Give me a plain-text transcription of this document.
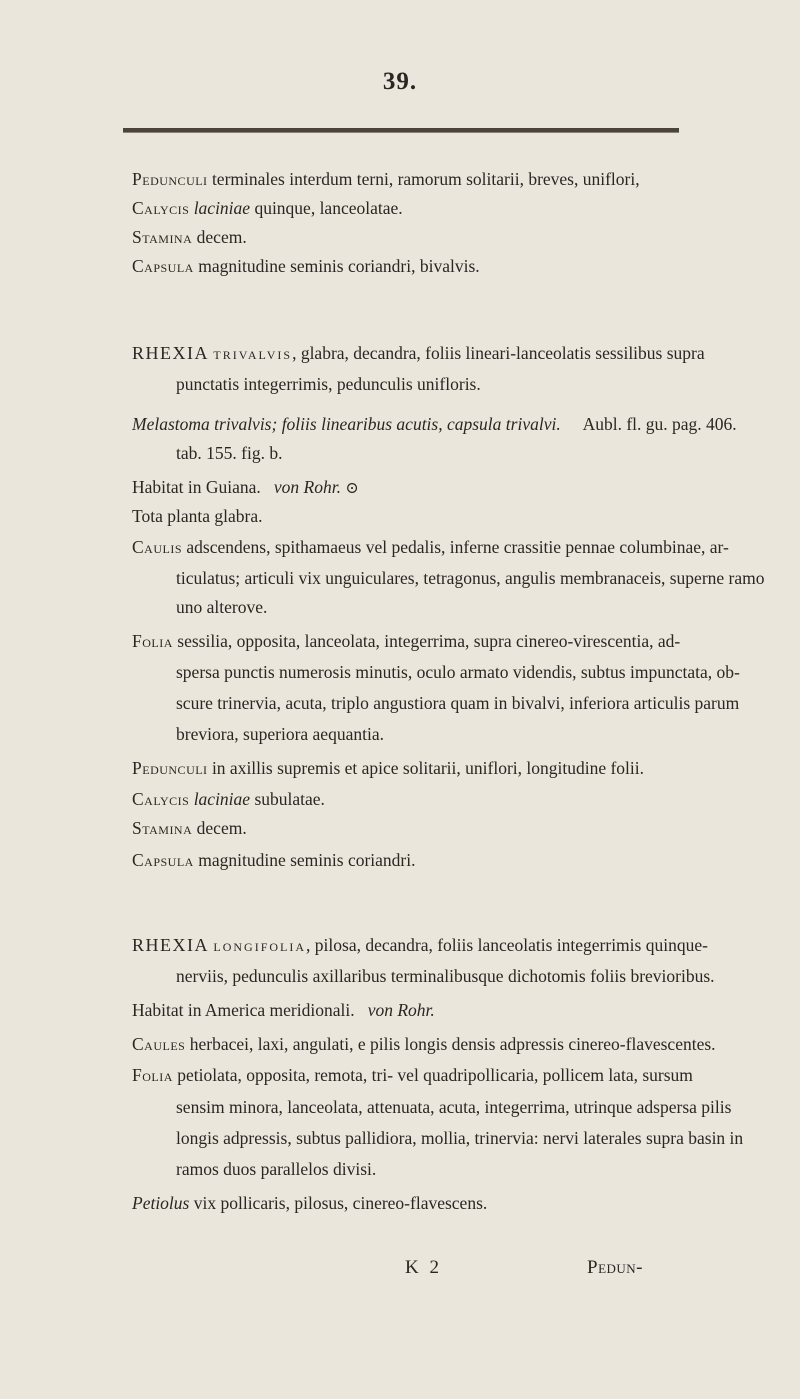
39.
Pedunculi terminales interdum terni, ramorum solitarii, breves, uniflori,
Calycis laciniae quinque, lanceolatae.
Stamina decem.
Capsula magnitudine seminis coriandri, bivalvis.
RHEXIA trivalvis, glabra, decandra, foliis lineari-lanceolatis sessilibus supra
punctatis integerrimis, pedunculis unifloris.
Melastoma trivalvis; foliis linearibus acutis, capsula trivalvi. Aubl. fl. gu. pag. 406.
tab. 155. fig. b.
Habitat in Guiana. von Rohr. ⊙
Tota planta glabra.
Caulis adscendens, spithamaeus vel pedalis, inferne crassitie pennae columbinae, ar-
ticulatus; articuli vix unguiculares, tetragonus, angulis membranaceis, superne ramo
uno alterove.
Folia sessilia, opposita, lanceolata, integerrima, supra cinereo-virescentia, ad-
spersa punctis numerosis minutis, oculo armato videndis, subtus impunctata, ob-
scure trinervia, acuta, triplo angustiora quam in bivalvi, inferiora articulis parum
breviora, superiora aequantia.
Pedunculi in axillis supremis et apice solitarii, uniflori, longitudine folii.
Calycis laciniae subulatae.
Stamina decem.
Capsula magnitudine seminis coriandri.
RHEXIA longifolia, pilosa, decandra, foliis lanceolatis integerrimis quinque-
nerviis, pedunculis axillaribus terminalibusque dichotomis foliis brevioribus.
Habitat in America meridionali. von Rohr.
Caules herbacei, laxi, angulati, e pilis longis densis adpressis cinereo-flavescentes.
Folia petiolata, opposita, remota, tri- vel quadripollicaria, pollicem lata, sursum
sensim minora, lanceolata, attenuata, acuta, integerrima, utrinque adspersa pilis
longis adpressis, subtus pallidiora, mollia, trinervia: nervi laterales supra basin in
ramos duos parallelos divisi.
Petiolus vix pollicaris, pilosus, cinereo-flavescens.
K 2	Pedun-
